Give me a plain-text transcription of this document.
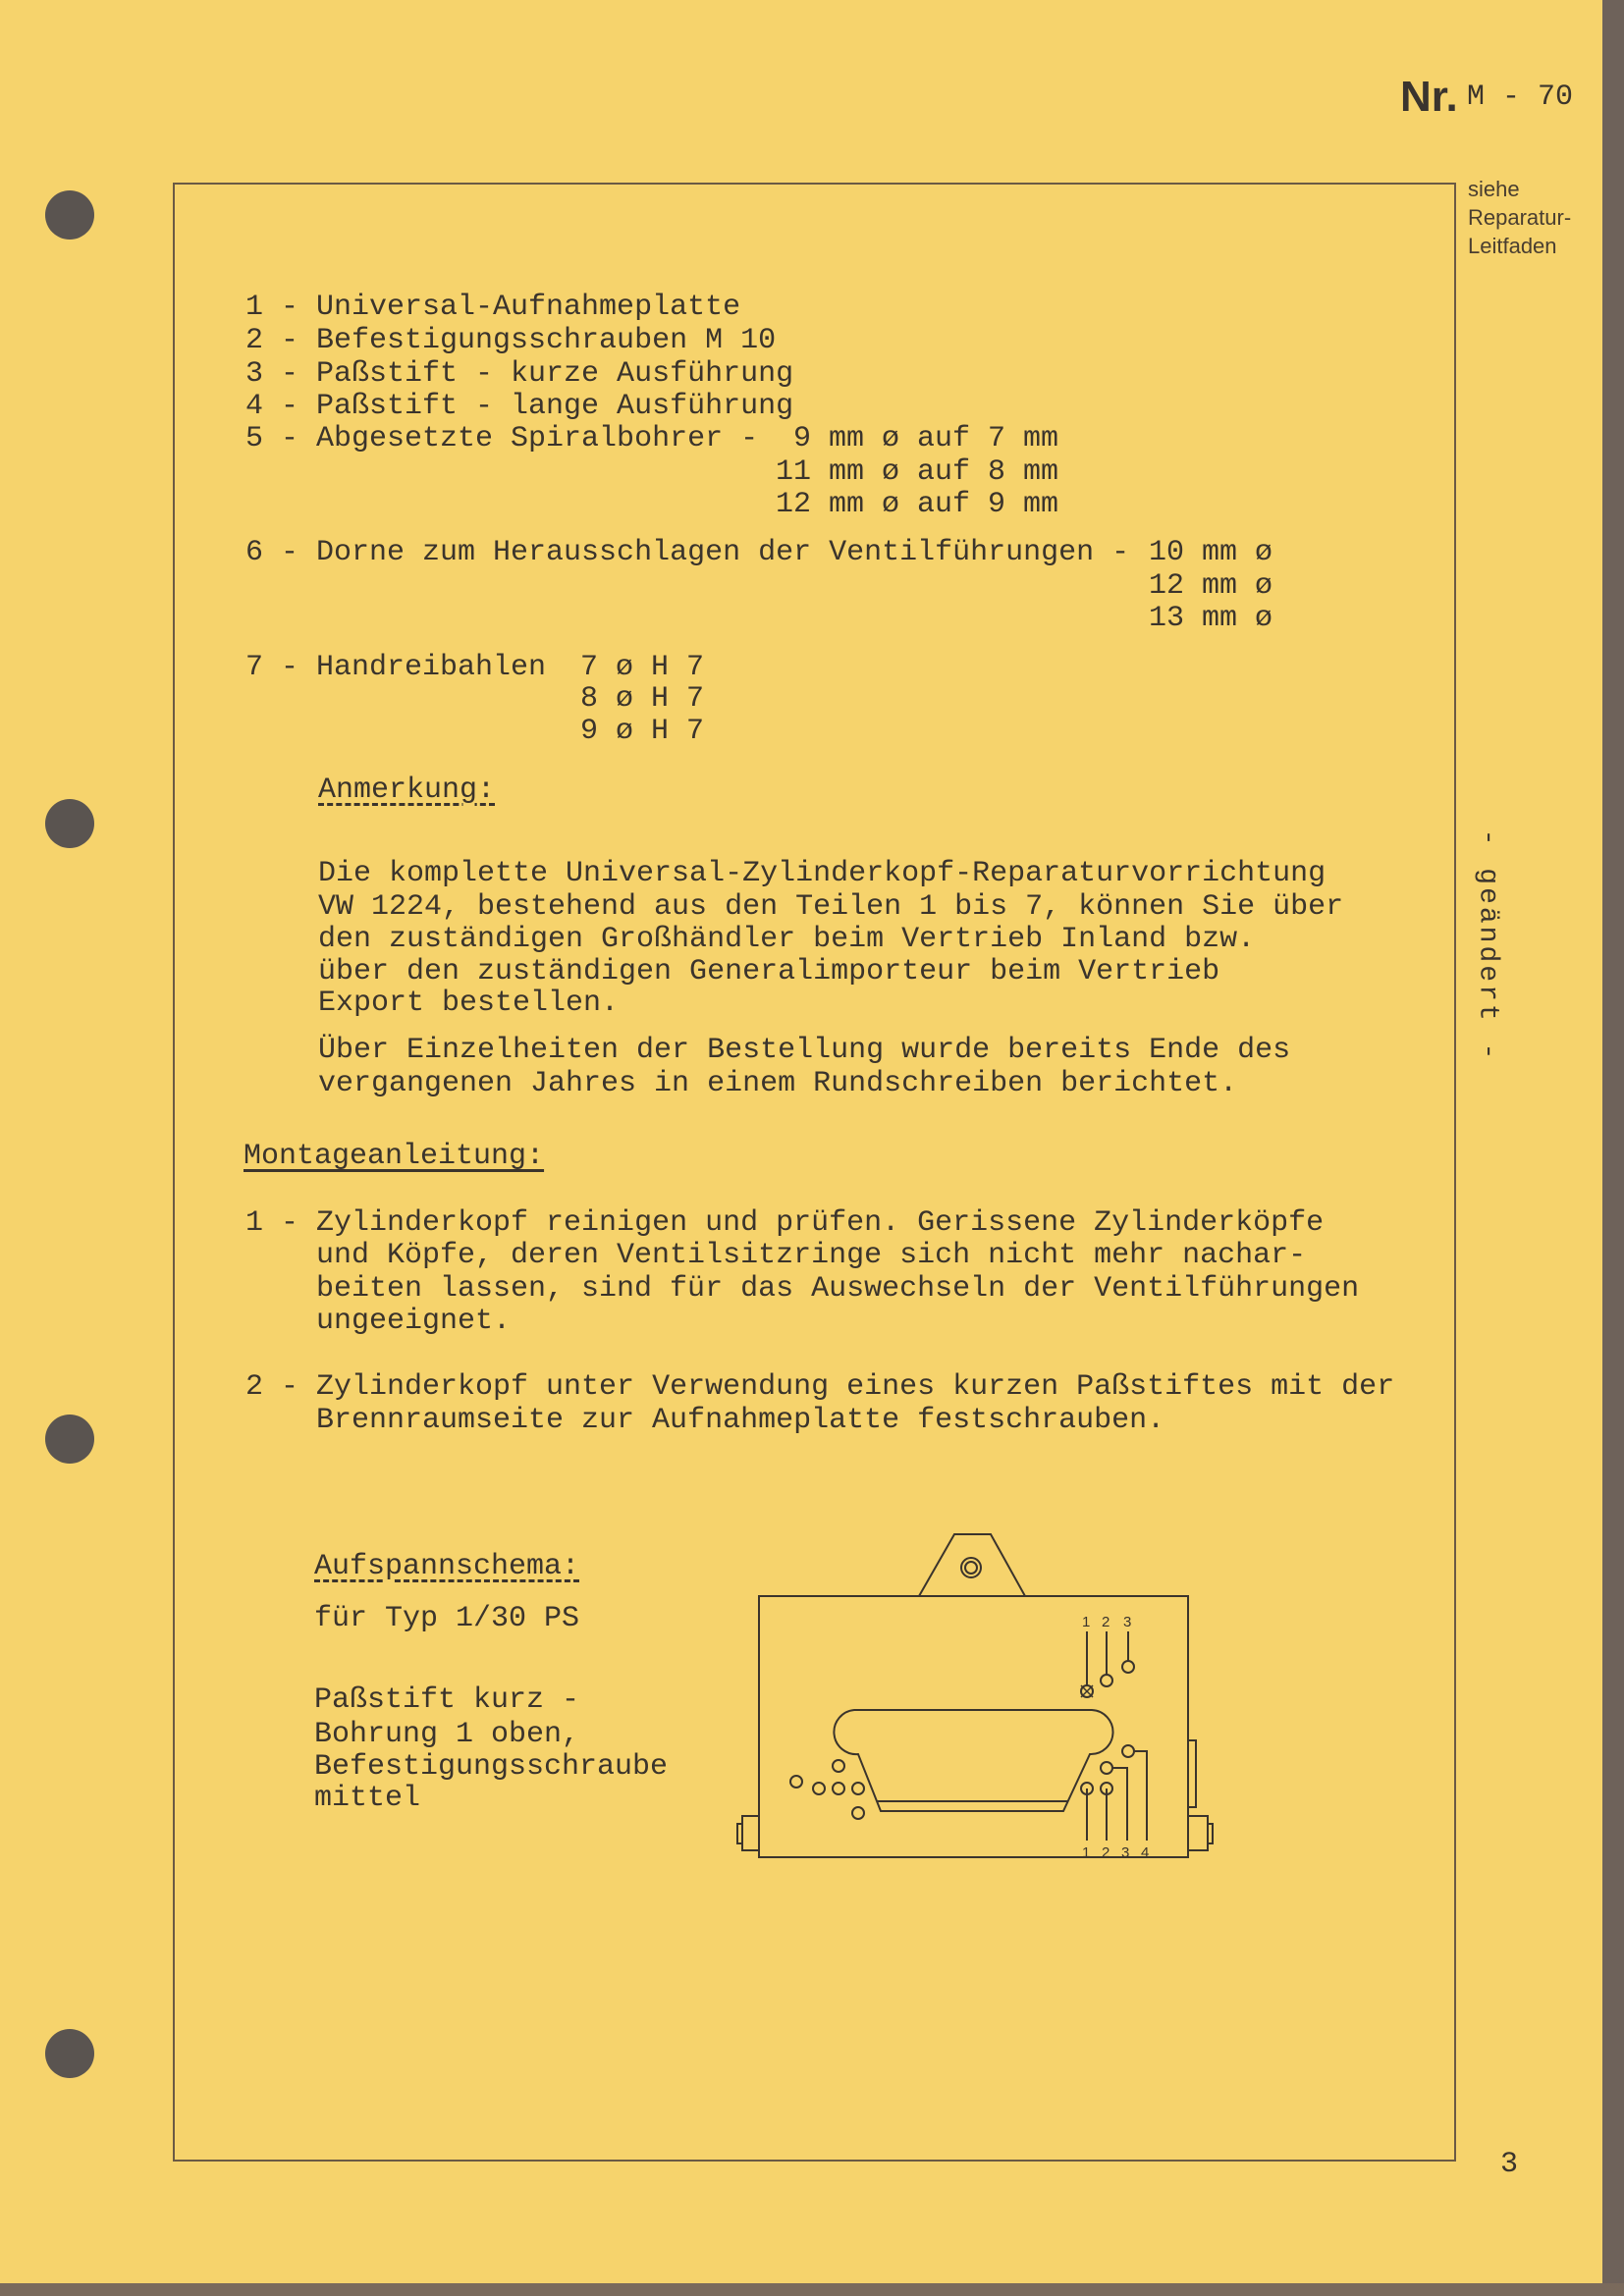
Nr. M - 70
siehe
Reparatur-
Leitfaden
- geändert -
1 - Universal-Aufnahmeplatte
2 - Befestigungsschrauben M 10
3 - Paßstift - kurze Ausführung
4 - Paßstift - lange Ausführung
5 - Abgesetzte Spiralbohrer - 9 mm ø auf 7 mm
11 mm ø auf 8 mm
12 mm ø auf 9 mm
6 - Dorne zum Herausschlagen der Ventilführungen - 10 mm ø
12 mm ø
13 mm ø
7 - Handreibahlen 7 ø H 7
8 ø H 7
9 ø H 7
Anmerkung:
Die komplette Universal-Zylinderkopf-Reparaturvorrichtung
VW 1224, bestehend aus den Teilen 1 bis 7, können Sie über
den zuständigen Großhändler beim Vertrieb Inland bzw.
über den zuständigen Generalimporteur beim Vertrieb
Export bestellen.
Über Einzelheiten der Bestellung wurde bereits Ende des
vergangenen Jahres in einem Rundschreiben berichtet.
Montageanleitung:
1 - Zylinderkopf reinigen und prüfen. Gerissene Zylinderköpfe
und Köpfe, deren Ventilsitzringe sich nicht mehr nachar-
beiten lassen, sind für das Auswechseln der Ventilführungen
ungeeignet.
2 - Zylinderkopf unter Verwendung eines kurzen Paßstiftes mit der
Brennraumseite zur Aufnahmeplatte festschrauben.
Aufspannschema:
für Typ 1/30 PS
Paßstift kurz -
Bohrung 1 oben,
Befestigungsschraube
mittel
1 2 3
1 2 3 4
3
